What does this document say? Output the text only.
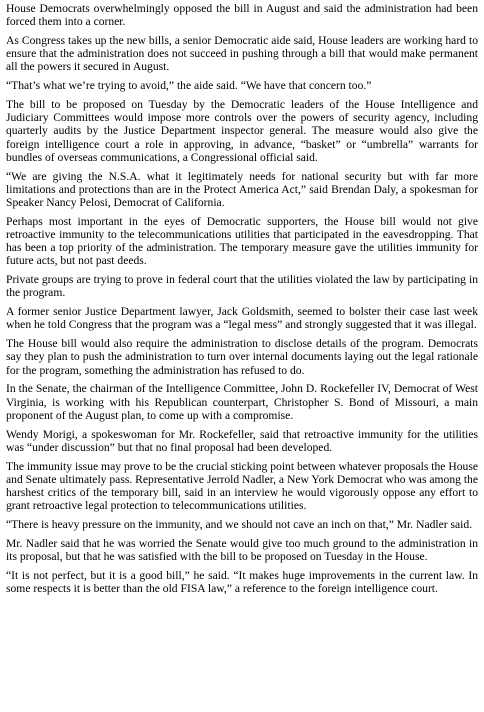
House Democrats overwhelmingly opposed the bill in August and said the administration had been forced them into a corner.

As Congress takes up the new bills, a senior Democratic aide said, House leaders are working hard to ensure that the administration does not succeed in pushing through a bill that would make permanent all the powers it secured in August.

“That’s what we’re trying to avoid,” the aide said. “We have that concern too.”

The bill to be proposed on Tuesday by the Democratic leaders of the House Intelligence and Judiciary Committees would impose more controls over the powers of security agency, including quarterly audits by the Justice Department inspector general. The measure would also give the foreign intelligence court a role in approving, in advance, “basket” or “umbrella” warrants for bundles of overseas communications, a Congressional official said.

“We are giving the N.S.A. what it legitimately needs for national security but with far more limitations and protections than are in the Protect America Act,” said Brendan Daly, a spokesman for Speaker Nancy Pelosi, Democrat of California.

Perhaps most important in the eyes of Democratic supporters, the House bill would not give retroactive immunity to the telecommunications utilities that participated in the eavesdropping. That has been a top priority of the administration. The temporary measure gave the utilities immunity for future acts, but not past deeds.

Private groups are trying to prove in federal court that the utilities violated the law by participating in the program.

A former senior Justice Department lawyer, Jack Goldsmith, seemed to bolster their case last week when he told Congress that the program was a “legal mess” and strongly suggested that it was illegal.

The House bill would also require the administration to disclose details of the program. Democrats say they plan to push the administration to turn over internal documents laying out the legal rationale for the program, something the administration has refused to do.

In the Senate, the chairman of the Intelligence Committee, John D. Rockefeller IV, Democrat of West Virginia, is working with his Republican counterpart, Christopher S. Bond of Missouri, a main proponent of the August plan, to come up with a compromise.

Wendy Morigi, a spokeswoman for Mr. Rockefeller, said that retroactive immunity for the utilities was “under discussion” but that no final proposal had been developed.

The immunity issue may prove to be the crucial sticking point between whatever proposals the House and Senate ultimately pass. Representative Jerrold Nadler, a New York Democrat who was among the harshest critics of the temporary bill, said in an interview he would vigorously oppose any effort to grant retroactive legal protection to telecommunications utilities.

“There is heavy pressure on the immunity, and we should not cave an inch on that,” Mr. Nadler said.

Mr. Nadler said that he was worried the Senate would give too much ground to the administration in its proposal, but that he was satisfied with the bill to be proposed on Tuesday in the House.

“It is not perfect, but it is a good bill,” he said. “It makes huge improvements in the current law. In some respects it is better than the old FISA law,” a reference to the foreign intelligence court.
